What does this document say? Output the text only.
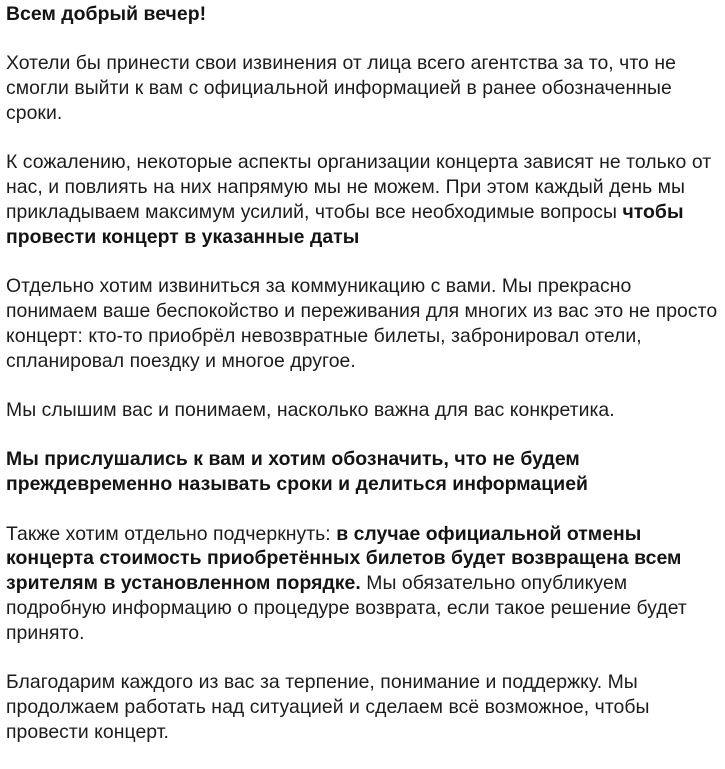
Всем добрый вечер!

Хотели бы принести свои извинения от лица всего агентства за то, что не смогли выйти к вам с официальной информацией в ранее обозначенные сроки.

К сожалению, некоторые аспекты организации концерта зависят не только от нас, и повлиять на них напрямую мы не можем. При этом каждый день мы прикладываем максимум усилий, чтобы все необходимые вопросы чтобы провести концерт в указанные даты

Отдельно хотим извиниться за коммуникацию с вами. Мы прекрасно понимаем ваше беспокойство и переживания для многих из вас это не просто концерт: кто-то приобрёл невозвратные билеты, забронировал отели, спланировал поездку и многое другое.

Мы слышим вас и понимаем, насколько важна для вас конкретика.

Мы прислушались к вам и хотим обозначить, что не будем преждевременно называть сроки и делиться информацией

Также хотим отдельно подчеркнуть: в случае официальной отмены концерта стоимость приобретённых билетов будет возвращена всем зрителям в установленном порядке. Мы обязательно опубликуем подробную информацию о процедуре возврата, если такое решение будет принято.

Благодарим каждого из вас за терпение, понимание и поддержку. Мы продолжаем работать над ситуацией и сделаем всё возможное, чтобы провести концерт.
